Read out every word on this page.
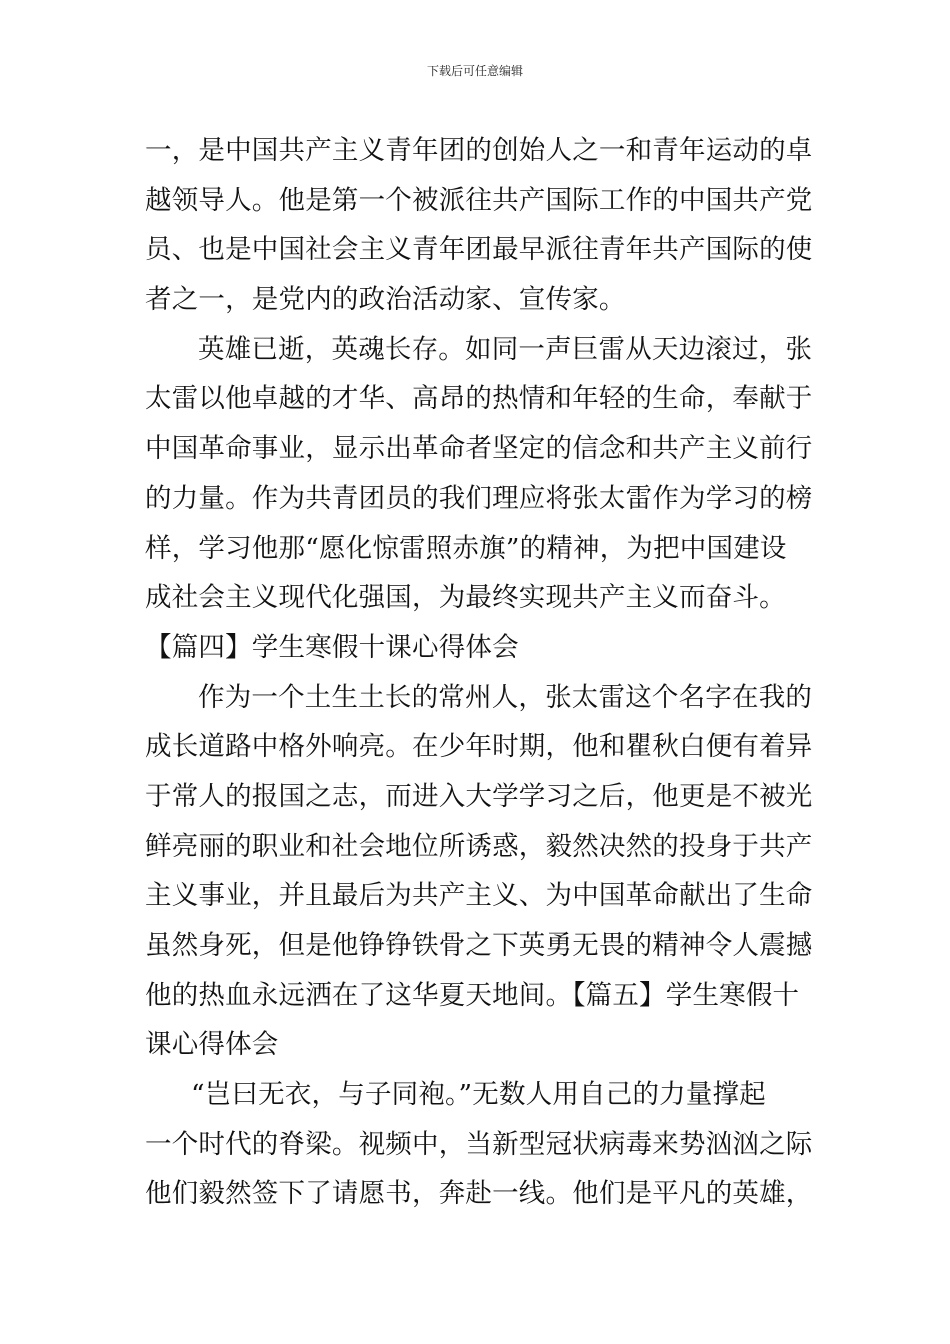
下载后可任意编辑
一，是中国共产主义青年团的创始人之一和青年运动的卓
越领导人。他是第一个被派往共产国际工作的中国共产党
员、也是中国社会主义青年团最早派往青年共产国际的使
者之一，是党内的政治活动家、宣传家。
英雄已逝，英魂长存。如同一声巨雷从天边滚过，张
太雷以他卓越的才华、高昂的热情和年轻的生命，奉献于
中国革命事业，显示出革命者坚定的信念和共产主义前行
的力量。作为共青团员的我们理应将张太雷作为学习的榜
样，学习他那“愿化惊雷照赤旗”的精神，为把中国建设
成社会主义现代化强国，为最终实现共产主义而奋斗。
【篇四】学生寒假十课心得体会
作为一个土生土长的常州人，张太雷这个名字在我的
成长道路中格外响亮。在少年时期，他和瞿秋白便有着异
于常人的报国之志，而进入大学学习之后，他更是不被光
鲜亮丽的职业和社会地位所诱惑，毅然决然的投身于共产
主义事业，并且最后为共产主义、为中国革命献出了生命
虽然身死，但是他铮铮铁骨之下英勇无畏的精神令人震撼
他的热血永远洒在了这华夏天地间。【篇五】学生寒假十
课心得体会
“岂曰无衣，与子同袍。”无数人用自己的力量撑起
一个时代的脊梁。视频中，当新型冠状病毒来势汹汹之际
他们毅然签下了请愿书，奔赴一线。他们是平凡的英雄，
